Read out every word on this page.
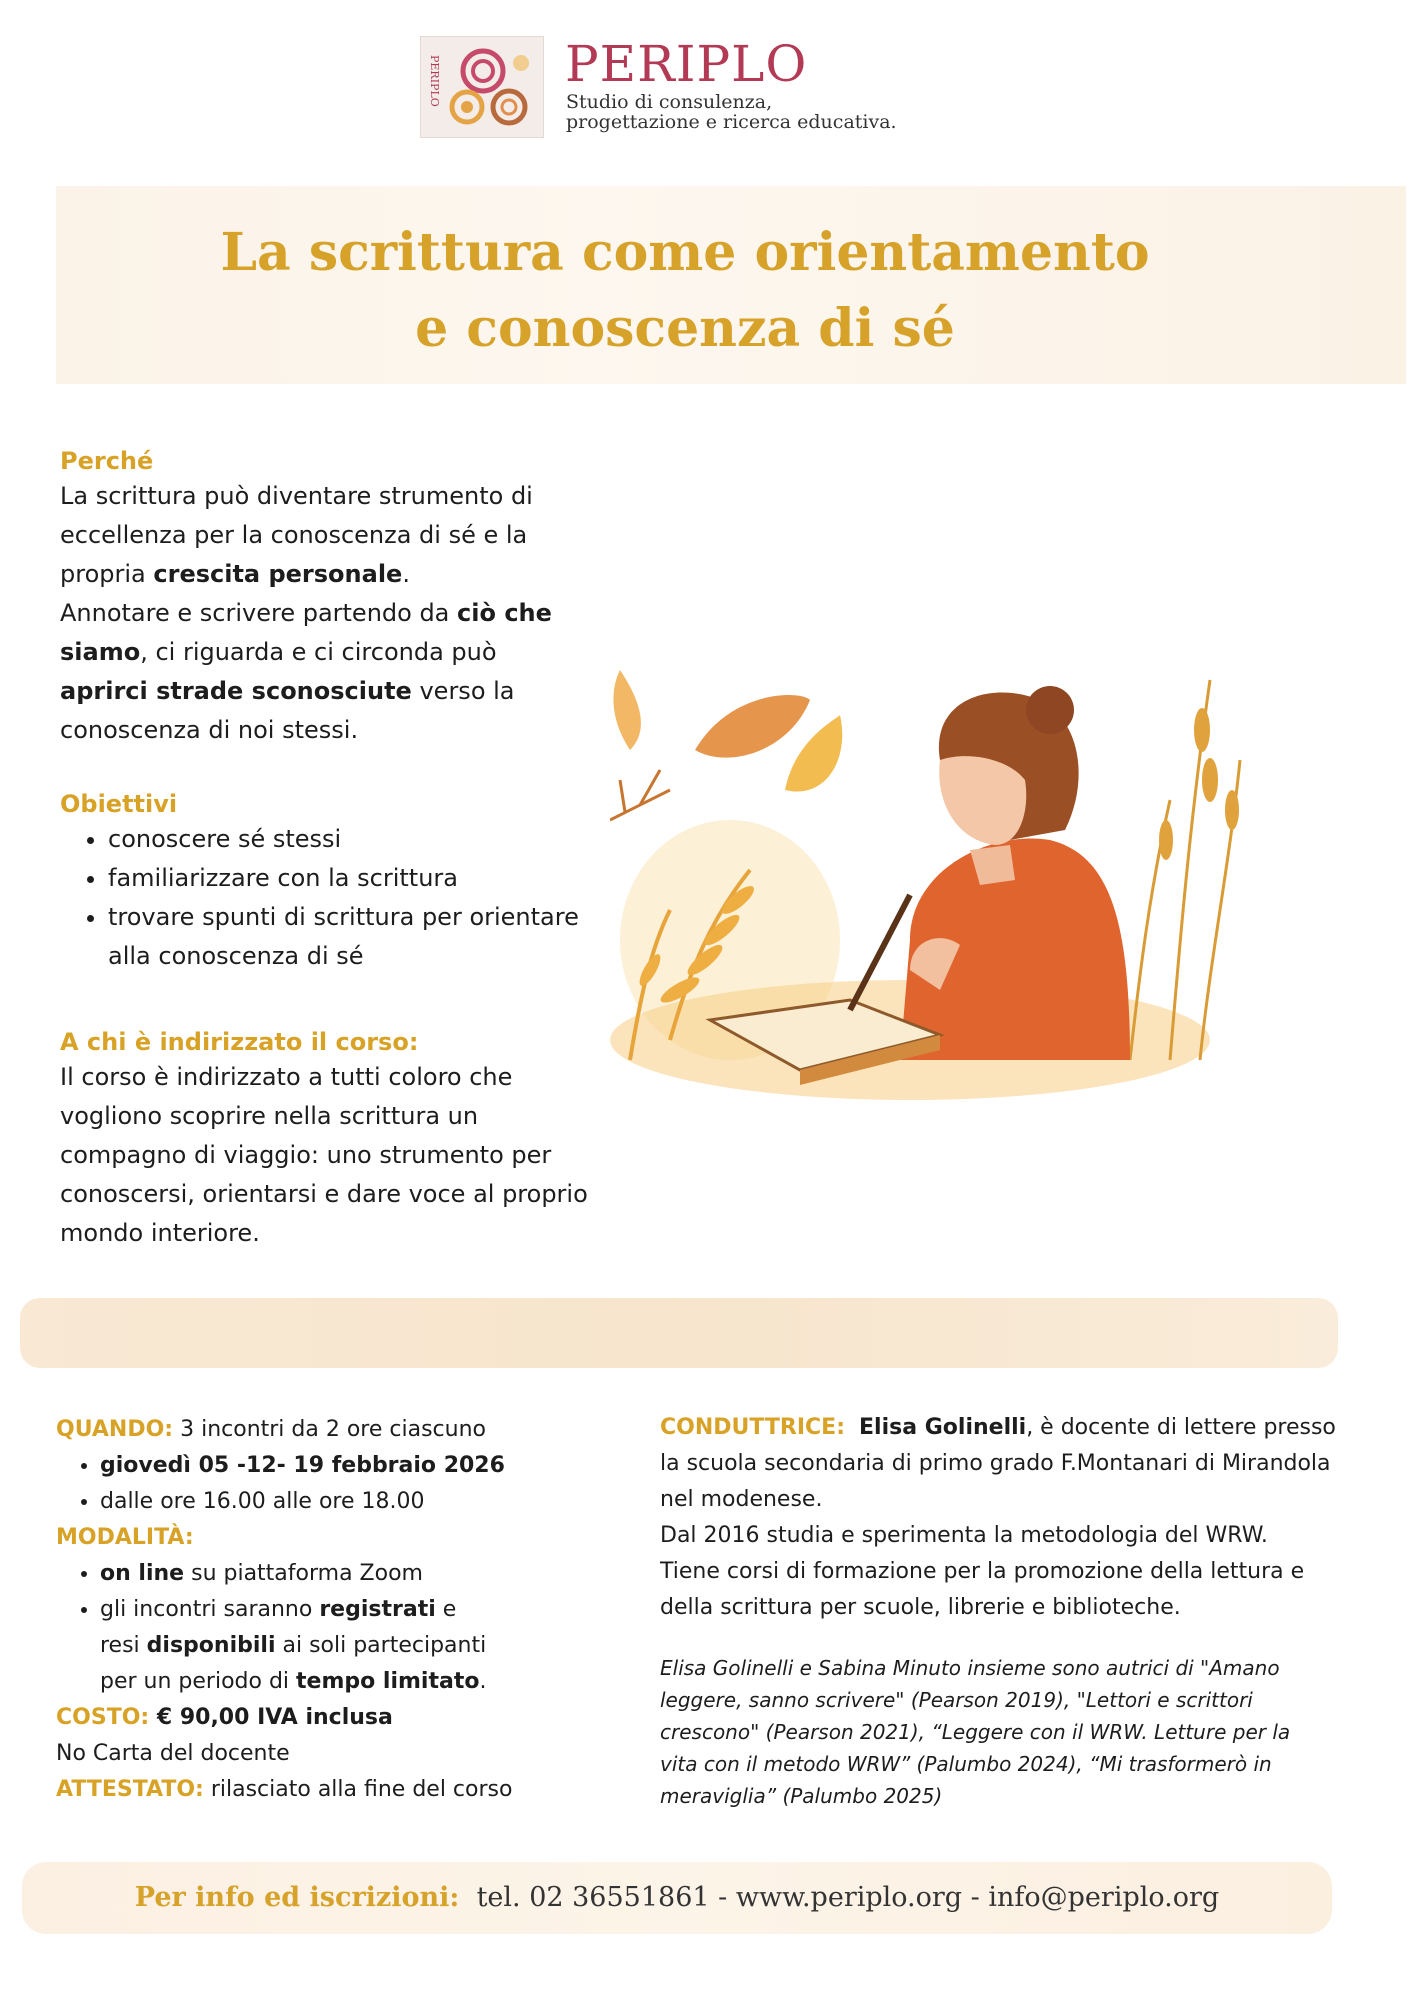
PERIPLO PERIPLO
Studio di consulenza,
progettazione e ricerca educativa.
La scrittura come orientamento
e conoscenza di sé
Perché
La scrittura può diventare strumento di eccellenza per la conoscenza di sé e la propria crescita personale.
Annotare e scrivere partendo da ciò che siamo, ci riguarda e ci circonda può aprirci strade sconosciute verso la conoscenza di noi stessi.
Obiettivi
• conoscere sé stessi
• familiarizzare con la scrittura
• trovare spunti di scrittura per orientare alla conoscenza di sé
A chi è indirizzato il corso:
Il corso è indirizzato a tutti coloro che vogliono scoprire nella scrittura un compagno di viaggio: uno strumento per conoscersi, orientarsi e dare voce al proprio mondo interiore.
QUANDO: 3 incontri da 2 ore ciascuno
• giovedì 05 -12- 19 febbraio 2026
• dalle ore 16.00 alle ore 18.00
MODALITÀ:
• on line su piattaforma Zoom
• gli incontri saranno registrati e resi disponibili ai soli partecipanti per un periodo di tempo limitato.
COSTO: € 90,00 IVA inclusa
No Carta del docente
ATTESTATO: rilasciato alla fine del corso
CONDUTTRICE: Elisa Golinelli, è docente di lettere presso la scuola secondaria di primo grado F.Montanari di Mirandola nel modenese.
Dal 2016 studia e sperimenta la metodologia del WRW.
Tiene corsi di formazione per la promozione della lettura e della scrittura per scuole, librerie e biblioteche.
Elisa Golinelli e Sabina Minuto insieme sono autrici di "Amano leggere, sanno scrivere" (Pearson 2019), "Lettori e scrittori crescono" (Pearson 2021), “Leggere con il WRW. Letture per la vita con il metodo WRW” (Palumbo 2024), “Mi trasformerò in meraviglia” (Palumbo 2025)
Per info ed iscrizioni: tel. 02 36551861 - www.periplo.org - info@periplo.org
